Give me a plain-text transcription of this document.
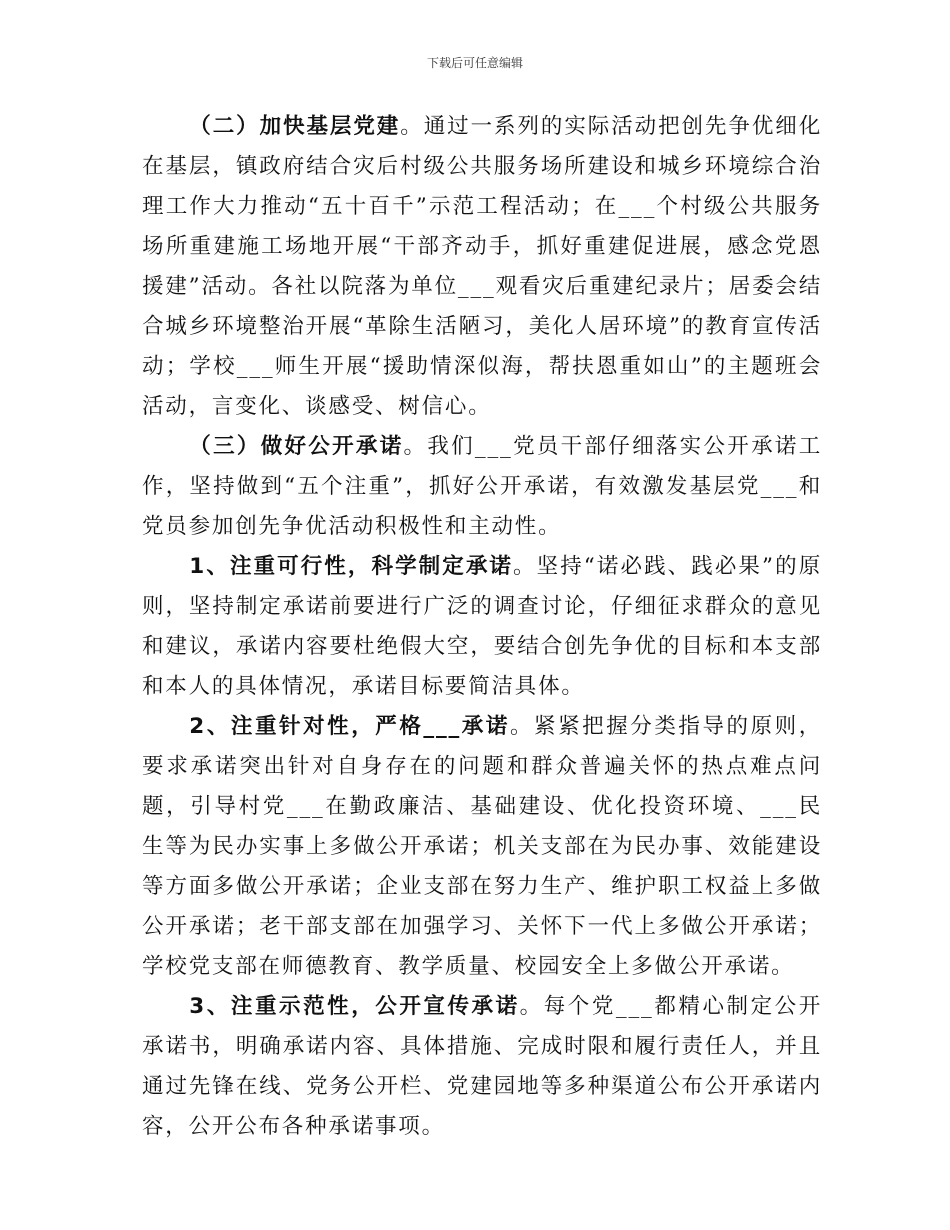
下载后可任意编辑

（二）加快基层党建。通过一系列的实际活动把创先争优细化在基层，镇政府结合灾后村级公共服务场所建设和城乡环境综合治理工作大力推动“五十百千”示范工程活动；在___个村级公共服务场所重建施工场地开展“干部齐动手，抓好重建促进展，感念党恩援建”活动。各社以院落为单位___观看灾后重建纪录片；居委会结合城乡环境整治开展“革除生活陋习，美化人居环境”的教育宣传活动；学校___师生开展“援助情深似海，帮扶恩重如山”的主题班会活动，言变化、谈感受、树信心。

（三）做好公开承诺。我们___党员干部仔细落实公开承诺工作，坚持做到“五个注重”，抓好公开承诺，有效激发基层党___和党员参加创先争优活动积极性和主动性。

1、注重可行性，科学制定承诺。坚持“诺必践、践必果”的原则，坚持制定承诺前要进行广泛的调查讨论，仔细征求群众的意见和建议，承诺内容要杜绝假大空，要结合创先争优的目标和本支部和本人的具体情况，承诺目标要简洁具体。

2、注重针对性，严格___承诺。紧紧把握分类指导的原则，要求承诺突出针对自身存在的问题和群众普遍关怀的热点难点问题，引导村党___在勤政廉洁、基础建设、优化投资环境、___民生等为民办实事上多做公开承诺；机关支部在为民办事、效能建设等方面多做公开承诺；企业支部在努力生产、维护职工权益上多做公开承诺；老干部支部在加强学习、关怀下一代上多做公开承诺；学校党支部在师德教育、教学质量、校园安全上多做公开承诺。

3、注重示范性，公开宣传承诺。每个党___都精心制定公开承诺书，明确承诺内容、具体措施、完成时限和履行责任人，并且通过先锋在线、党务公开栏、党建园地等多种渠道公布公开承诺内容，公开公布各种承诺事项。
